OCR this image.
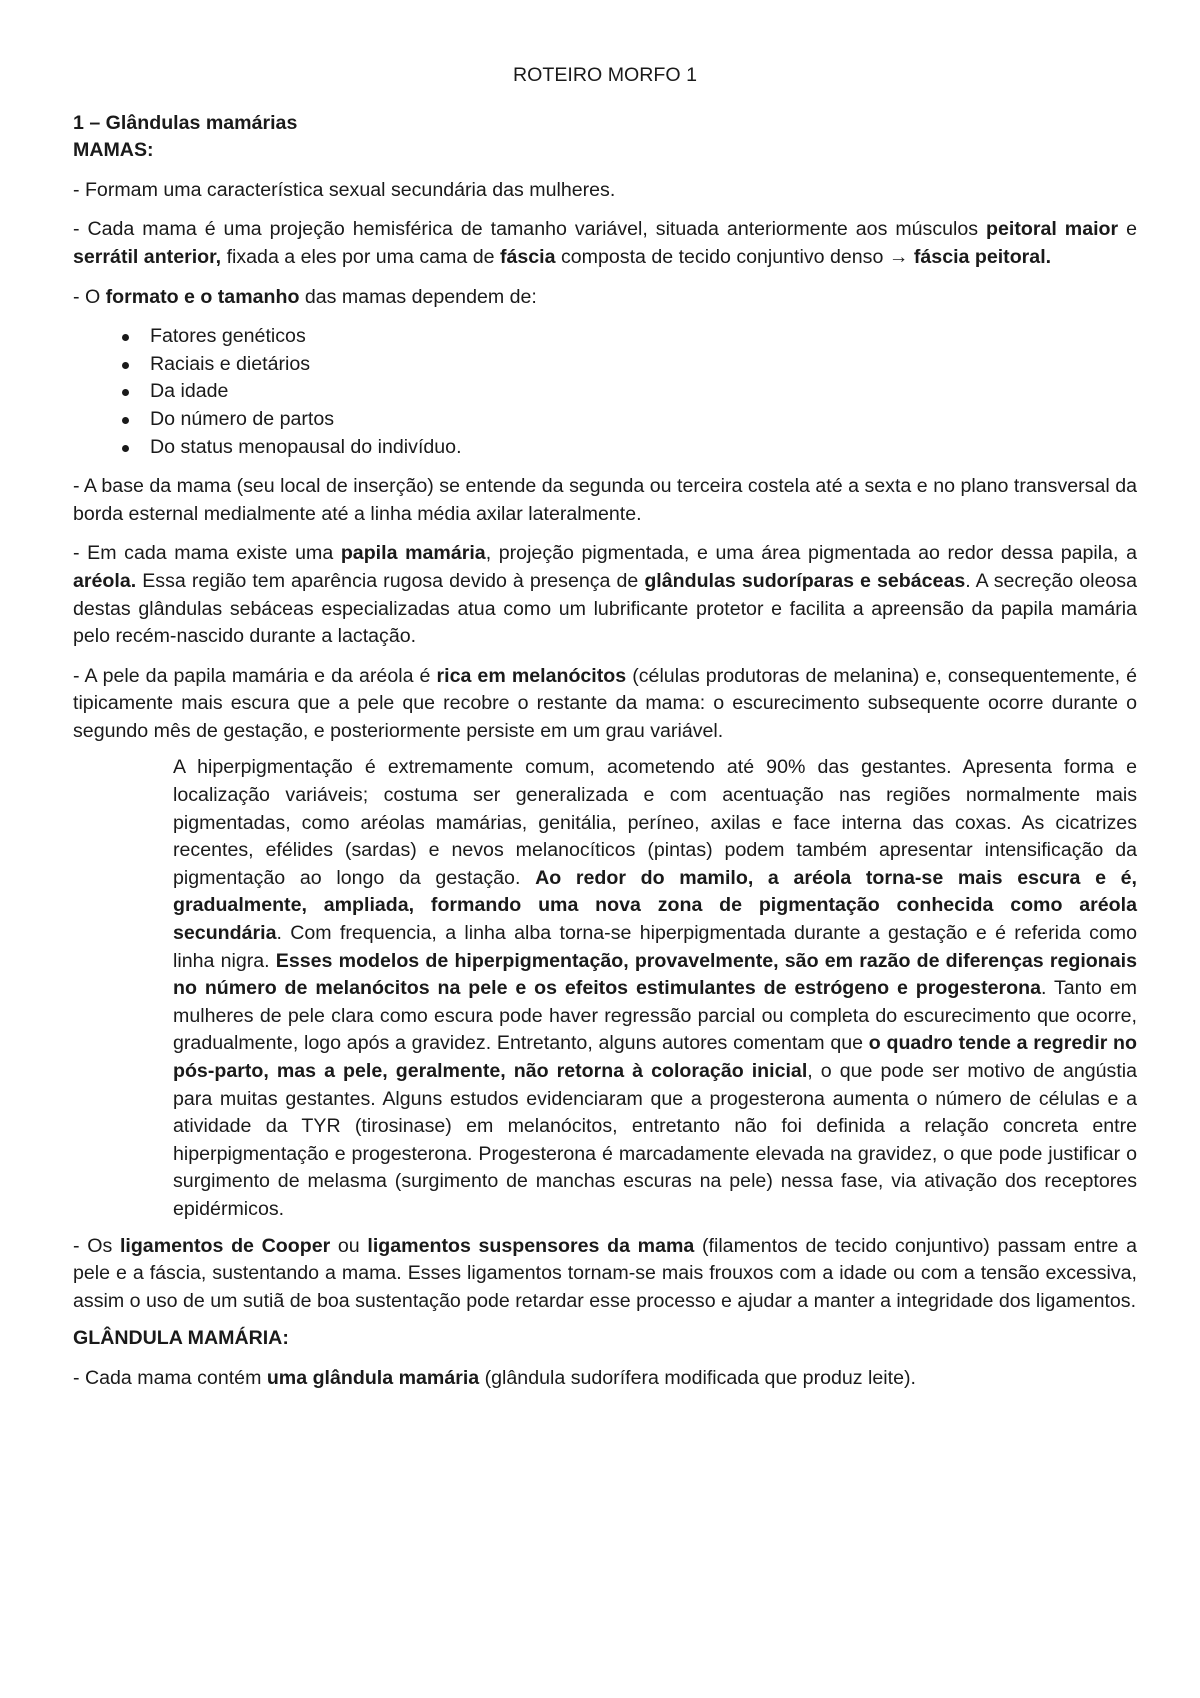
ROTEIRO MORFO 1

1 – Glândulas mamárias

MAMAS:

- Formam uma característica sexual secundária das mulheres.

- Cada mama é uma projeção hemisférica de tamanho variável, situada anteriormente aos músculos peitoral maior e serrátil anterior, fixada a eles por uma cama de fáscia composta de tecido conjuntivo denso → fáscia peitoral.

- O formato e o tamanho das mamas dependem de:

Fatores genéticos
Raciais e dietários
Da idade
Do número de partos
Do status menopausal do indivíduo.

- A base da mama (seu local de inserção) se entende da segunda ou terceira costela até a sexta e no plano transversal da borda esternal medialmente até a linha média axilar lateralmente.

- Em cada mama existe uma papila mamária, projeção pigmentada, e uma área pigmentada ao redor dessa papila, a aréola. Essa região tem aparência rugosa devido à presença de glândulas sudoríparas e sebáceas. A secreção oleosa destas glândulas sebáceas especializadas atua como um lubrificante protetor e facilita a apreensão da papila mamária pelo recém-nascido durante a lactação.

- A pele da papila mamária e da aréola é rica em melanócitos (células produtoras de melanina) e, consequentemente, é tipicamente mais escura que a pele que recobre o restante da mama: o escurecimento subsequente ocorre durante o segundo mês de gestação, e posteriormente persiste em um grau variável.

A hiperpigmentação é extremamente comum, acometendo até 90% das gestantes. Apresenta forma e localização variáveis; costuma ser generalizada e com acentuação nas regiões normalmente mais pigmentadas, como aréolas mamárias, genitália, períneo, axilas e face interna das coxas. As cicatrizes recentes, efélides (sardas) e nevos melanocíticos (pintas) podem também apresentar intensificação da pigmentação ao longo da gestação. Ao redor do mamilo, a aréola torna-se mais escura e é, gradualmente, ampliada, formando uma nova zona de pigmentação conhecida como aréola secundária. Com frequencia, a linha alba torna-se hiperpigmentada durante a gestação e é referida como linha nigra. Esses modelos de hiperpigmentação, provavelmente, são em razão de diferenças regionais no número de melanócitos na pele e os efeitos estimulantes de estrógeno e progesterona. Tanto em mulheres de pele clara como escura pode haver regressão parcial ou completa do escurecimento que ocorre, gradualmente, logo após a gravidez. Entretanto, alguns autores comentam que o quadro tende a regredir no pós-parto, mas a pele, geralmente, não retorna à coloração inicial, o que pode ser motivo de angústia para muitas gestantes. Alguns estudos evidenciaram que a progesterona aumenta o número de células e a atividade da TYR (tirosinase) em melanócitos, entretanto não foi definida a relação concreta entre hiperpigmentação e progesterona. Progesterona é marcadamente elevada na gravidez, o que pode justificar o surgimento de melasma (surgimento de manchas escuras na pele) nessa fase, via ativação dos receptores epidérmicos.

- Os ligamentos de Cooper ou ligamentos suspensores da mama (filamentos de tecido conjuntivo) passam entre a pele e a fáscia, sustentando a mama. Esses ligamentos tornam-se mais frouxos com a idade ou com a tensão excessiva, assim o uso de um sutiã de boa sustentação pode retardar esse processo e ajudar a manter a integridade dos ligamentos.

GLÂNDULA MAMÁRIA:

- Cada mama contém uma glândula mamária (glândula sudorífera modificada que produz leite).
